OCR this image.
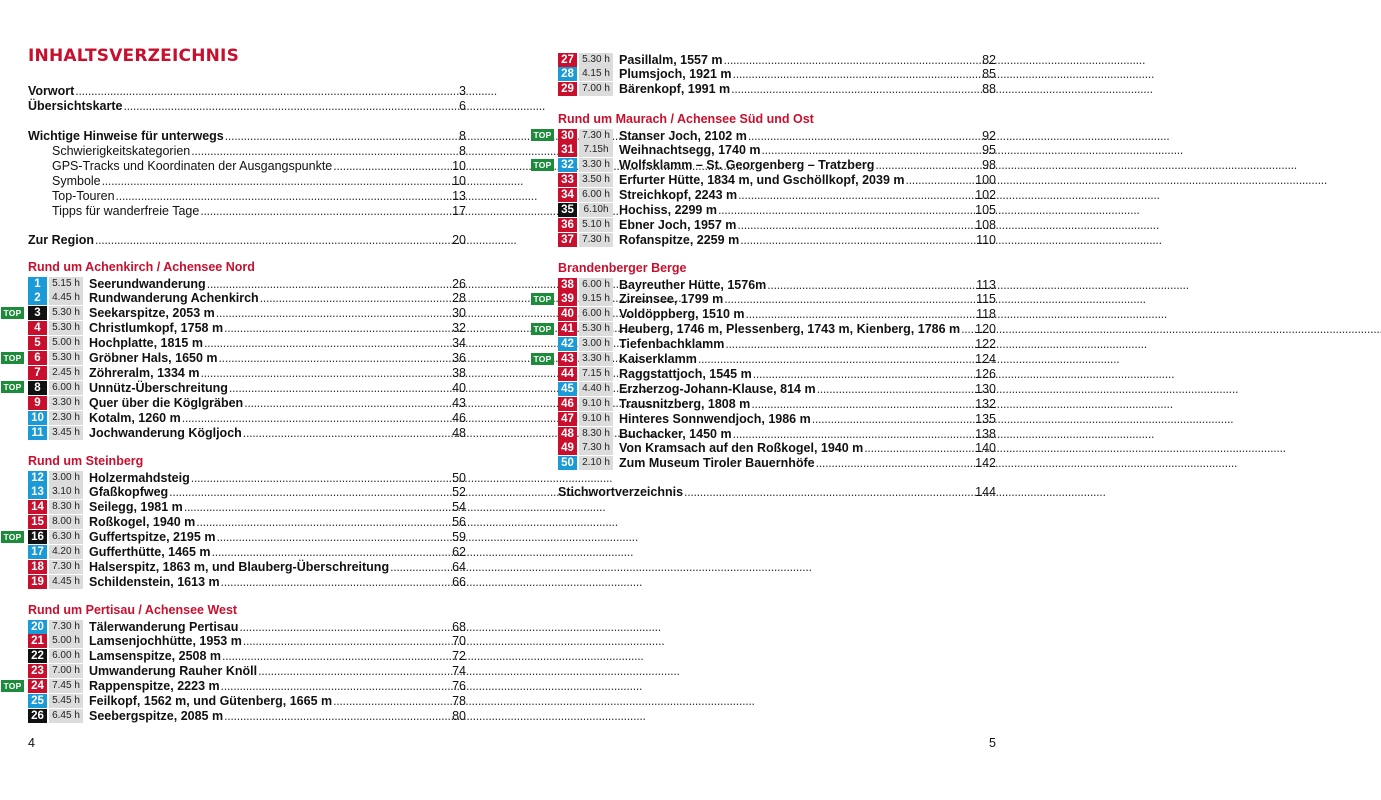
INHALTSVERZEICHNIS
Vorwort . . .	3
Übersichtskarte . . .	6
Wichtige Hinweise für unterwegs . . .	8
Schwierigkeitskategorien . . .	8
GPS-Tracks und Koordinaten der Ausgangspunkte . . .	10
Symbole . . .	10
Top-Touren . . .	13
Tipps für wanderfreie Tage . . .	17
Zur Region . . .	20
Rund um Achenkirch / Achensee Nord
1	5.15 h Seerundwanderung . . .	26
2	4.45 h Rundwanderung Achenkirch . . .	28
TOP	3	5.30 h Seekarspitze, 2053 m . . .	30
4	5.30 h Christlumkopf, 1758 m . . .	32
5	5.00 h Hochplatte, 1815 m . . .	34
TOP	6	5.30 h Gröbner Hals, 1650 m . . .	36
7	2.45 h Zöhreralm, 1334 m . . .	38
TOP	8	6.00 h Unnütz-Überschreitung . . .	40
9	3.30 h Quer über die Köglgräben . . .	43
10 2.30 h Kotalm, 1260 m . . .	46
11 3.45 h Jochwanderung Kögljoch . . .	48
Rund um Steinberg
12 3.00 h Holzermahdsteig . . .	50
13 3.10 h Gfaßkopfweg . . .	52
14 8.30 h Seilegg, 1981 m . . .	54
15 8.00 h Roßkogel, 1940 m . . .	56
TOP 16 6.30 h Guffertspitze, 2195 m . . .	59
17 4.20 h Gufferthütte, 1465 m . . .	62
18 7.30 h Halserspitz, 1863 m, und Blauberg-Überschreitung . . .	64
19 4.45 h Schildenstein, 1613 m . . .	66
Rund um Pertisau / Achensee West
20 7.30 h Tälerwanderung Pertisau . . .	68
21 5.00 h Lamsenjochhütte, 1953 m . . .	70
22 6.00 h Lamsenspitze, 2508 m . . .	72
23 7.00 h Umwanderung Rauher Knöll . . .	74
TOP 24 7.45 h Rappenspitze, 2223 m . . .	76
25 5.45 h Feilkopf, 1562 m, und Gütenberg, 1665 m . . .	78
26 6.45 h Seebergspitze, 2085 m . . .	80
27 5.30 h Pasillalm, 1557 m . . .	82
28 4.15 h Plumsjoch, 1921 m . . .	85
29 7.00 h Bärenkopf, 1991 m . . .	88
Rund um Maurach / Achensee Süd und Ost
TOP 30 7.30 h Stanser Joch, 2102 m . . .	92
31 7.15h Weihnachtsegg, 1740 m . . .	95
TOP 32 3.30 h Wolfsklamm – St. Georgenberg – Tratzberg . . .	98
33 3.50 h Erfurter Hütte, 1834 m, und Gschöllkopf, 2039 m . . .	100
34 6.00 h Streichkopf, 2243 m . . .	102
35 6.10h Hochiss, 2299 m . . .	105
36 5.10 h Ebner Joch, 1957 m . . .	108
37 7.30 h Rofanspitze, 2259 m . . .	110
Brandenberger Berge
38 6.00 h Bayreuther Hütte, 1576m . . .	113
TOP 39 9.15 h Zireinsee, 1799 m . . .	115
40 6.00 h Voldöppberg, 1510 m . . .	118
TOP 41 5.30 h Heuberg, 1746 m, Plessenberg, 1743 m, Kienberg, 1786 m . . . 120
42 3.00 h Tiefenbachklamm . . .	122
TOP 43 3.30 h Kaiserklamm . . .	124
44 7.15 h Raggstattjoch, 1545 m . . .	126
45 4.40 h Erzherzog-Johann-Klause, 814 m . . .	130
46 9.10 h Trausnitzberg, 1808 m . . .	132
47 9.10 h Hinteres Sonnwendjoch, 1986 m . . .	135
48 8.30 h Buchacker, 1450 m . . .	138
49 7.30 h Von Kramsach auf den Roßkogel, 1940 m . . .	140
50 2.10 h Zum Museum Tiroler Bauernhöfe . . .	142
Stichwortverzeichnis . . .	144
4	5
